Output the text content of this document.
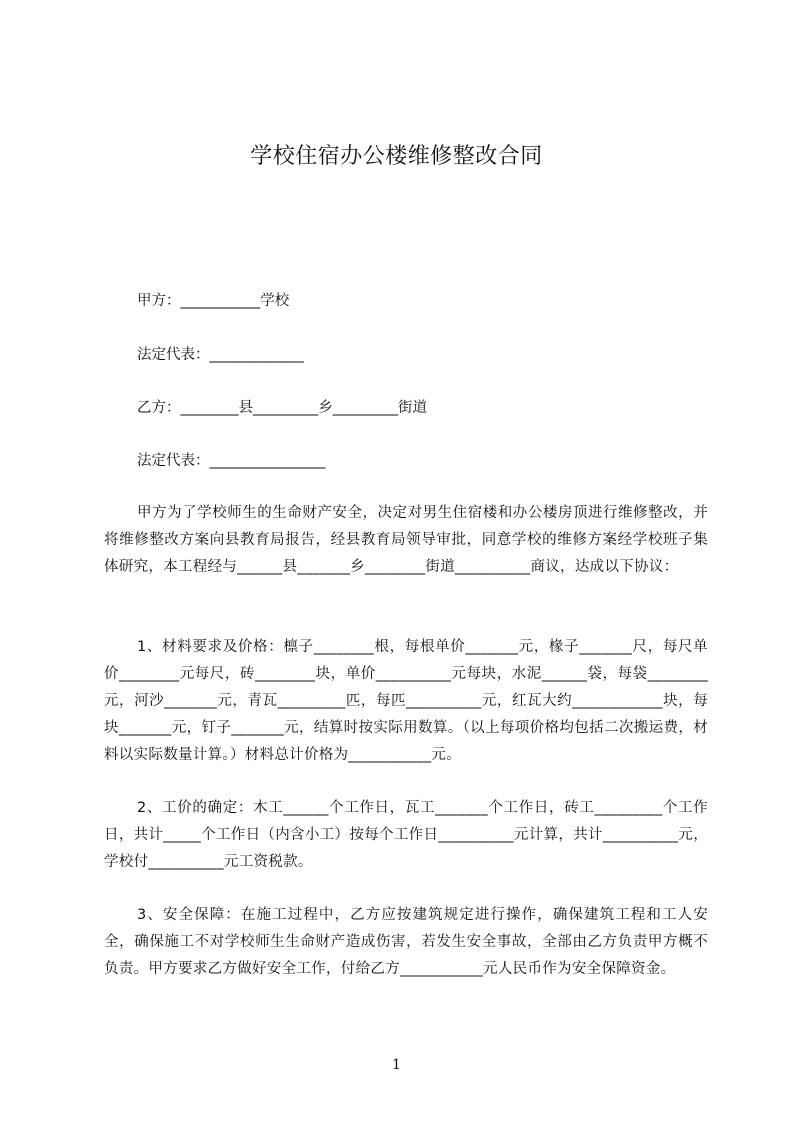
学校住宿办公楼维修整改合同
甲方：___________学校
法定代表：_____________
乙方：________县_________乡_________街道
法定代表：________________
甲方为了学校师生的生命财产安全，决定对男生住宿楼和办公楼房顶进行维修整改，并将维修整改方案向县教育局报告，经县教育局领导审批，同意学校的维修方案经学校班子集体研究，本工程经与______县_______乡________街道__________商议，达成以下协议：
1、材料要求及价格：檩子________根，每根单价_______元，椽子_______尺，每尺单价________元每尺，砖________块，单价__________元每块，水泥______袋，每袋________元，河沙_______元，青瓦_________匹，每匹__________元，红瓦大约____________块，每块_______元，钉子_______元，结算时按实际用数算。（以上每项价格均包括二次搬运费，材料以实际数量计算。）材料总计价格为___________元。
2、工价的确定：木工______个工作日，瓦工_______个工作日，砖工_________个工作日，共计_____个工作日（内含小工）按每个工作日__________元计算，共计__________元，学校付__________元工资税款。
3、安全保障：在施工过程中，乙方应按建筑规定进行操作，确保建筑工程和工人安全，确保施工不对学校师生生命财产造成伤害，若发生安全事故，全部由乙方负责甲方概不负责。甲方要求乙方做好安全工作，付给乙方___________元人民币作为安全保障资金。
1
